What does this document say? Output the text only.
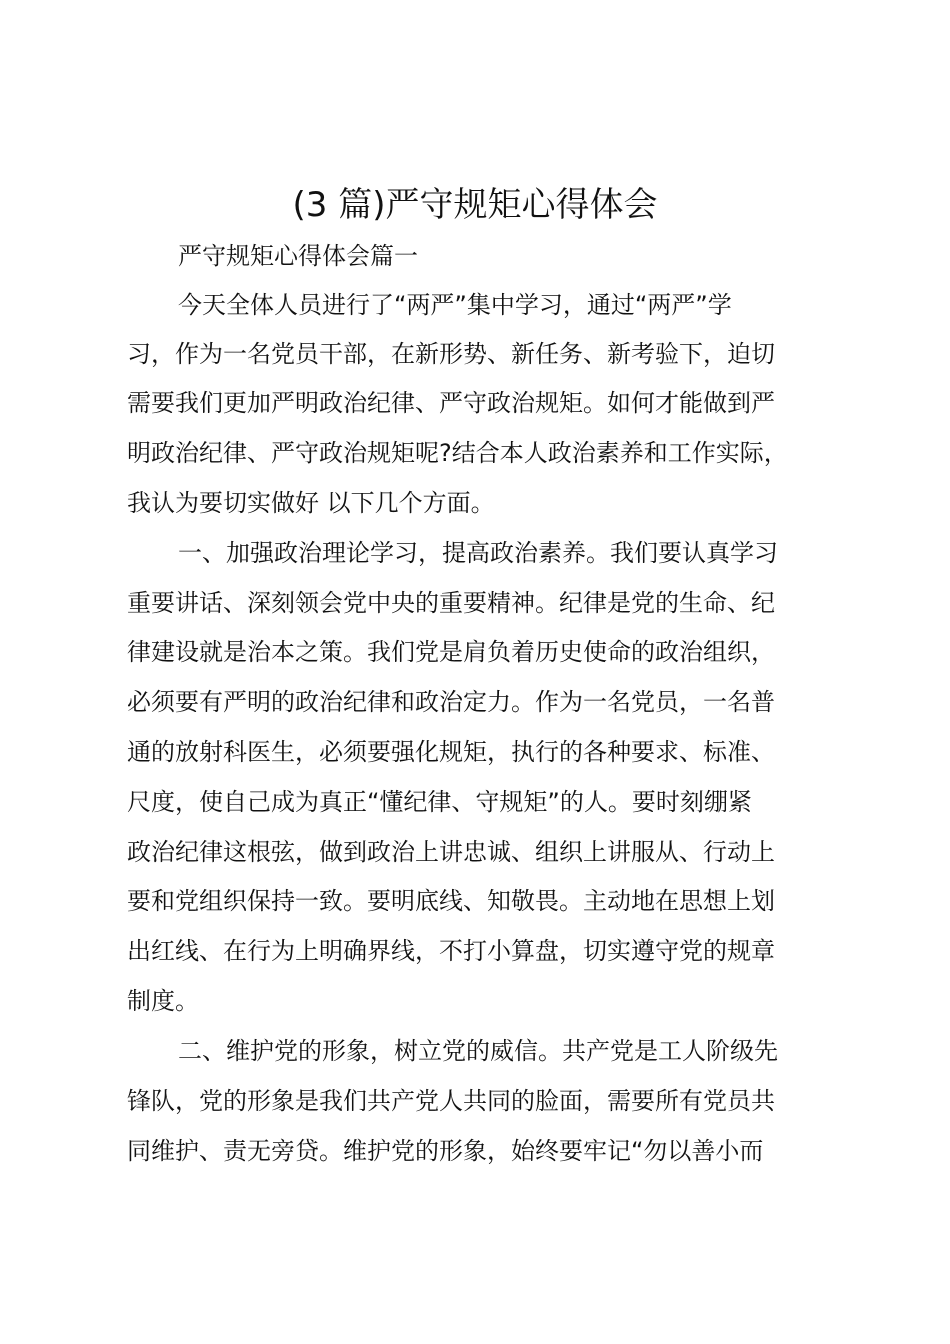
(3 篇)严守规矩心得体会
严守规矩心得体会篇一
今天全体人员进行了“两严”集中学习，通过“两严”学
习，作为一名党员干部，在新形势、新任务、新考验下，迫切
需要我们更加严明政治纪律、严守政治规矩。如何才能做到严
明政治纪律、严守政治规矩呢?结合本人政治素养和工作实际，
我认为要切实做好 以下几个方面。
一、加强政治理论学习，提高政治素养。我们要认真学习
重要讲话、深刻领会党中央的重要精神。纪律是党的生命、纪
律建设就是治本之策。我们党是肩负着历史使命的政治组织，
必须要有严明的政治纪律和政治定力。作为一名党员，一名普
通的放射科医生，必须要强化规矩，执行的各种要求、标准、
尺度，使自己成为真正“懂纪律、守规矩”的人。要时刻绷紧
政治纪律这根弦，做到政治上讲忠诚、组织上讲服从、行动上
要和党组织保持一致。要明底线、知敬畏。主动地在思想上划
出红线、在行为上明确界线，不打小算盘，切实遵守党的规章
制度。
二、维护党的形象，树立党的威信。共产党是工人阶级先
锋队，党的形象是我们共产党人共同的脸面，需要所有党员共
同维护、责无旁贷。维护党的形象，始终要牢记“勿以善小而
